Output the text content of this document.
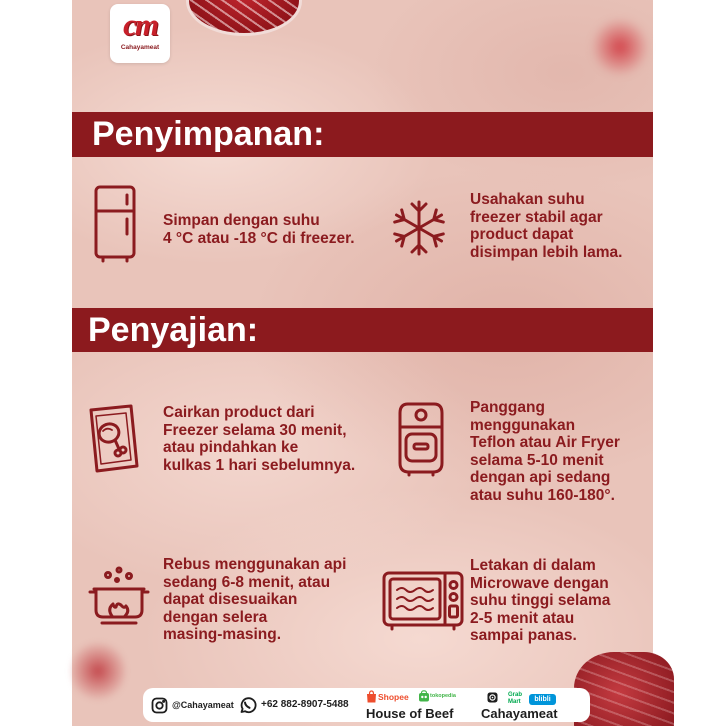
cm
Cahayameat
Penyimpanan:
Simpan dengan suhu
4 °C atau -18 °C di freezer.
Usahakan suhu
freezer stabil agar
product dapat
disimpan lebih lama.
Penyajian:
Cairkan product dari
Freezer selama 30 menit,
atau pindahkan ke
kulkas 1 hari sebelumnya.
Panggang
menggunakan
Teflon atau Air Fryer
selama 5-10 menit
dengan api sedang
atau suhu 160-180°.
Rebus menggunakan api
sedang 6-8 menit, atau
dapat disesuaikan
dengan selera
masing-masing.
Letakan di dalam
Microwave dengan
suhu tinggi selama
2-5 menit atau
sampai panas.
@Cahayameat	+62 882-8907-5488
Shopee	tokopedia
House of Beef
Grab Mart	blibli
Cahayameat
